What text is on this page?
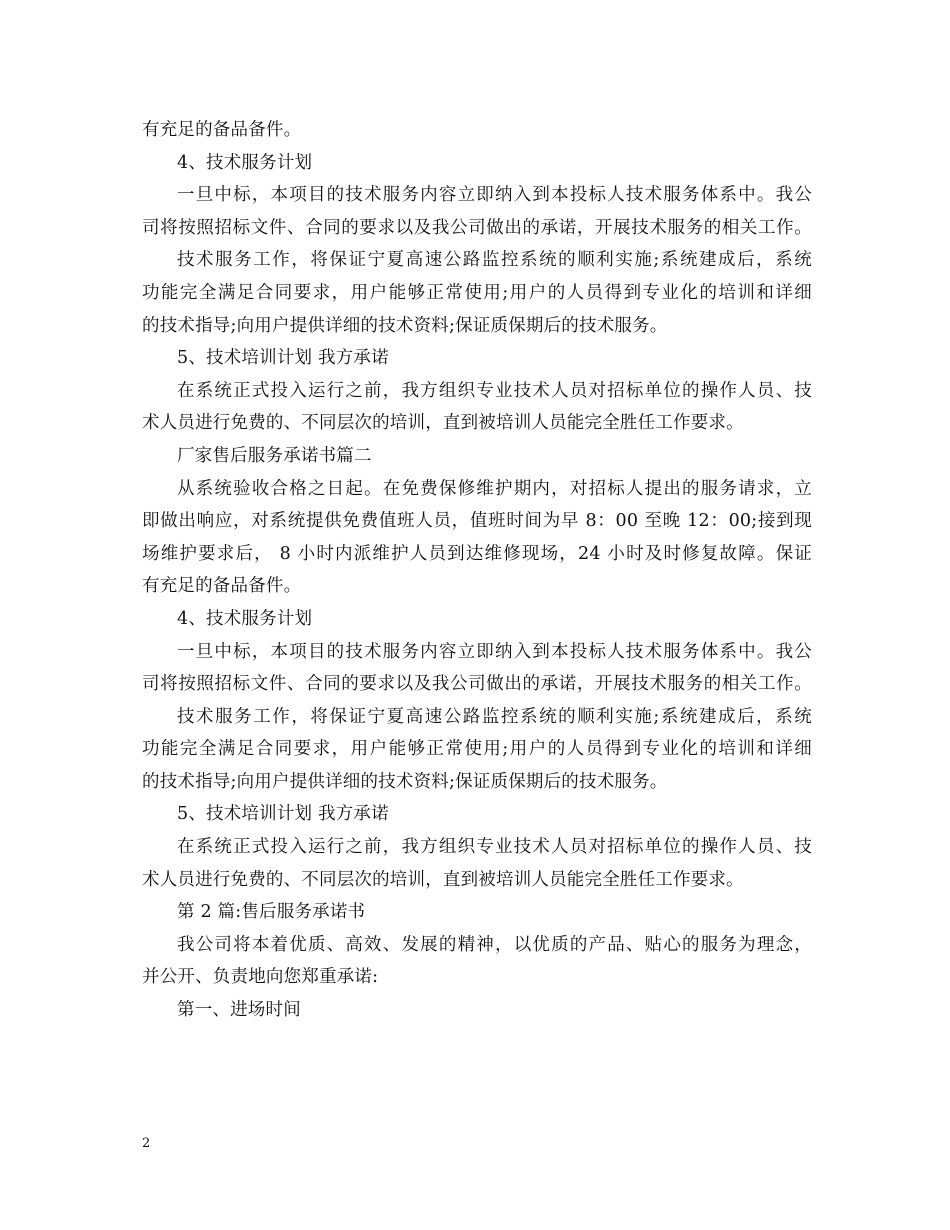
有充足的备品备件。
4、技术服务计划
一旦中标，本项目的技术服务内容立即纳入到本投标人技术服务体系中。我公
司将按照招标文件、合同的要求以及我公司做出的承诺，开展技术服务的相关工作。
技术服务工作，将保证宁夏高速公路监控系统的顺利实施;系统建成后，系统
功能完全满足合同要求，用户能够正常使用;用户的人员得到专业化的培训和详细
的技术指导;向用户提供详细的技术资料;保证质保期后的技术服务。
5、技术培训计划 我方承诺
在系统正式投入运行之前，我方组织专业技术人员对招标单位的操作人员、技
术人员进行免费的、不同层次的培训，直到被培训人员能完全胜任工作要求。
厂家售后服务承诺书篇二
从系统验收合格之日起。在免费保修维护期内，对招标人提出的服务请求，立
即做出响应，对系统提供免费值班人员，值班时间为早 8：00 至晚 12：00;接到现
场维护要求后， 8 小时内派维护人员到达维修现场，24 小时及时修复故障。保证
有充足的备品备件。
4、技术服务计划
一旦中标，本项目的技术服务内容立即纳入到本投标人技术服务体系中。我公
司将按照招标文件、合同的要求以及我公司做出的承诺，开展技术服务的相关工作。
技术服务工作，将保证宁夏高速公路监控系统的顺利实施;系统建成后，系统
功能完全满足合同要求，用户能够正常使用;用户的人员得到专业化的培训和详细
的技术指导;向用户提供详细的技术资料;保证质保期后的技术服务。
5、技术培训计划 我方承诺
在系统正式投入运行之前，我方组织专业技术人员对招标单位的操作人员、技
术人员进行免费的、不同层次的培训，直到被培训人员能完全胜任工作要求。
第 2 篇:售后服务承诺书
我公司将本着优质、高效、发展的精神，以优质的产品、贴心的服务为理念，
并公开、负责地向您郑重承诺:
第一、进场时间
2
